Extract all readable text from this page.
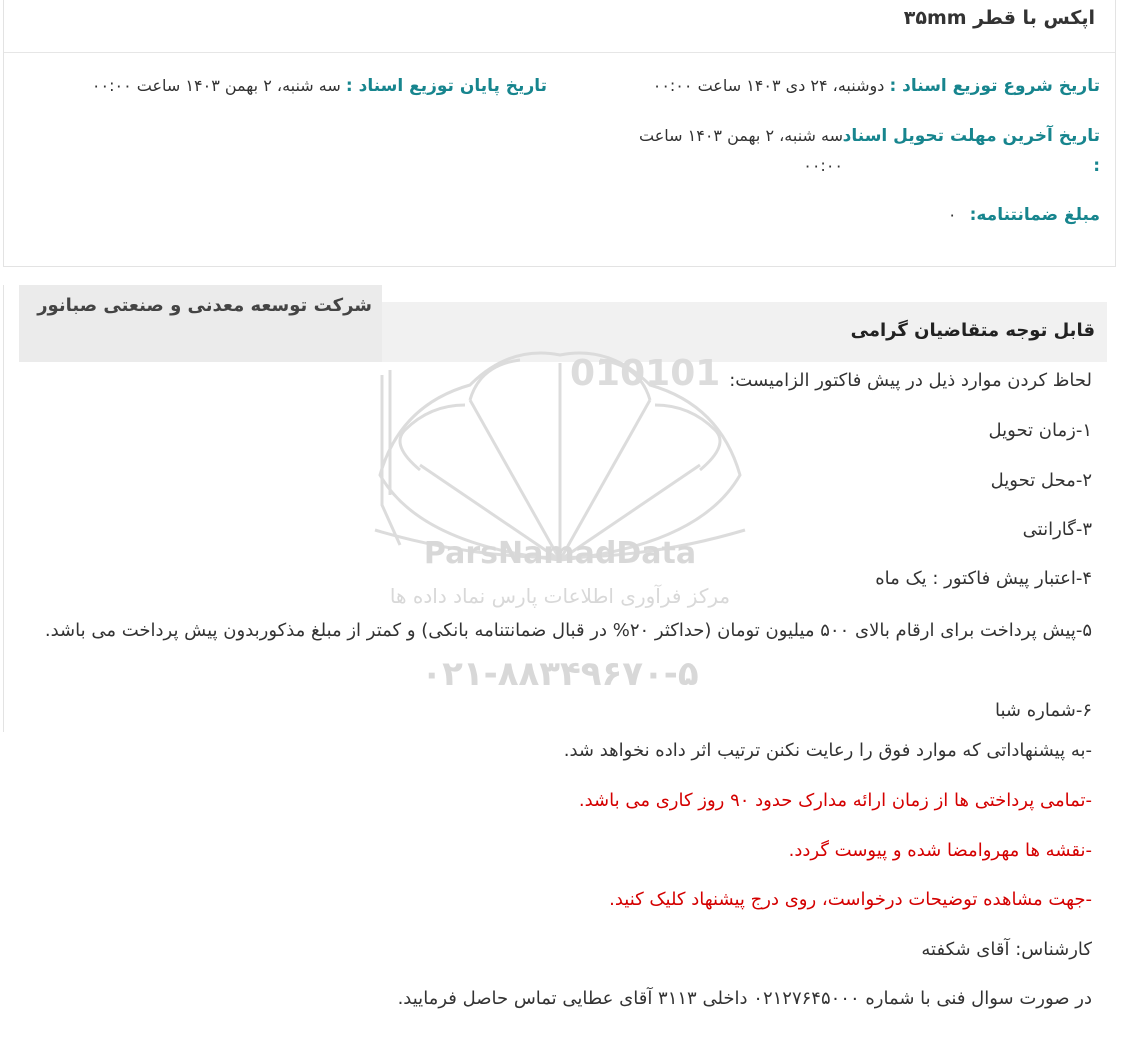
اپکس با قطر ۳۵mm
تاریخ شروع توزیع اسناد : دوشنبه، ۲۴ دی ۱۴۰۳ ساعت ۰۰:۰۰
تاریخ پایان توزیع اسناد : سه شنبه، ۲ بهمن ۱۴۰۳ ساعت ۰۰:۰۰
تاریخ آخرین مهلت تحویل اسناد
:
سه شنبه، ۲ بهمن ۱۴۰۳ ساعت
۰۰:۰۰
مبلغ ضمانتنامه: ۰
شرکت توسعه معدنی و صنعتی صبانور
قابل توجه متقاضیان گرامی
010101
ParsNamadData
مرکز فرآوری اطلاعات پارس نماد داده ها
۰۲۱-۸۸۳۴۹۶۷۰-۵
لحاظ کردن موارد ذیل در پیش فاکتور الزامیست:
۱-زمان تحویل
۲-محل تحویل
۳-گارانتی
۴-اعتبار پیش فاکتور : یک ماه
۵-پیش پرداخت برای ارقام بالای ۵۰۰ میلیون تومان (حداکثر ۲۰% در قبال ضمانتنامه بانکی) و کمتر از مبلغ مذکوربدون پیش پرداخت می باشد.
۶-شماره شبا
-به پیشنهاداتی که موارد فوق را رعایت نکنن ترتیب اثر داده نخواهد شد.
-تمامی پرداختی ها از زمان ارائه مدارک حدود ۹۰ روز کاری می باشد.
-نقشه ها مهروامضا شده و پیوست گردد.
-جهت مشاهده توضیحات درخواست، روی درج پیشنهاد کلیک کنید.
کارشناس: آقای شکفته
در صورت سوال فنی با شماره ۰۲۱۲۷۶۴۵۰۰۰ داخلی ۳۱۱۳ آقای عطایی تماس حاصل فرمایید.
